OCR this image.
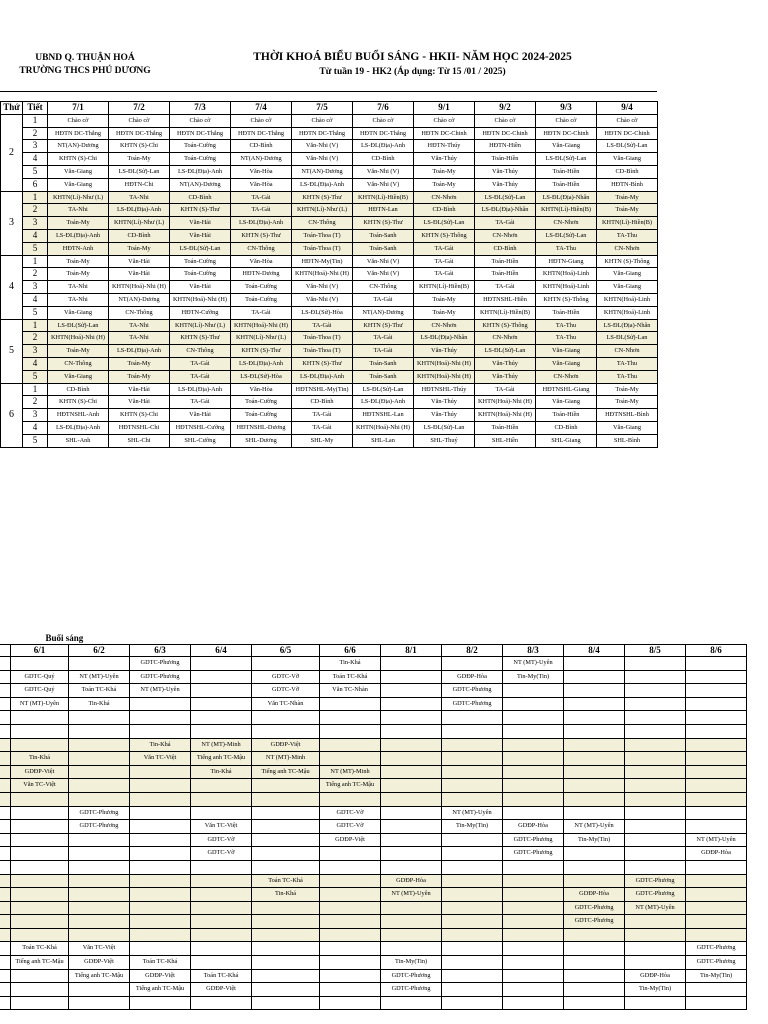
UBND Q. THUẬN HOÁ
TRƯỜNG THCS PHÚ DƯƠNG
THỜI KHOÁ BIỂU BUỔI SÁNG - HKII- NĂM HỌC 2024-2025
Từ tuần 19 - HK2 (Áp dụng: Từ 15 /01 / 2025)
Thứ	Tiết	7/1	7/2	7/3	7/4	7/5	7/6	9/1	9/2	9/3	9/4
2	1	Chào cờ	Chào cờ	Chào cờ	Chào cờ	Chào cờ	Chào cờ	Chào cờ	Chào cờ	Chào cờ	Chào cờ
	2	HĐTN DC-Thắng	HĐTN DC-Thắng	HĐTN DC-Thắng	HĐTN DC-Thắng	HĐTN DC-Thắng	HĐTN DC-Thắng	HĐTN DC-Chinh	HĐTN DC-Chinh	HĐTN DC-Chinh	HĐTN DC-Chinh
	3	NT(AN)-Dương	KHTN (S)-Chi	Toán-Cường	CD-Bình	Văn-Nhi (V)	LS-ĐL(Địa)-Anh	HĐTN-Thúy	HĐTN-Hiền	Văn-Giang	LS-ĐL(Sử)-Lan
	4	KHTN (S)-Chi	Toán-My	Toán-Cường	NT(AN)-Dương	Văn-Nhi (V)	CD-Bình	Văn-Thúy	Toán-Hiền	LS-ĐL(Sử)-Lan	Văn-Giang
	5	Văn-Giang	LS-ĐL(Sử)-Lan	LS-ĐL(Địa)-Anh	Văn-Hòa	NT(AN)-Dương	Văn-Nhi (V)	Toán-My	Văn-Thúy	Toán-Hiền	CD-Bình
	6	Văn-Giang	HĐTN-Chi	NT(AN)-Dương	Văn-Hòa	LS-ĐL(Địa)-Anh	Văn-Nhi (V)	Toán-My	Văn-Thúy	Toán-Hiền	HĐTN-Bình
3	1	KHTN(Lí)-Như (L)	TA-Nhi	CD-Bình	TA-Gái	KHTN (S)-Thư	KHTN(Lí)-Hiền(B)	CN-Nhơn	LS-ĐL(Sử)-Lan	LS-ĐL(Địa)-Nhân	Toán-My
	2	TA-Nhi	LS-ĐL(Địa)-Anh	KHTN (S)-Thư	TA-Gái	KHTN(Lí)-Như (L)	HĐTN-Lan	CD-Bình	LS-ĐL(Địa)-Nhân	KHTN(Lí)-Hiền(B)	Toán-My
	3	Toán-My	KHTN(Lí)-Như (L)	Văn-Hải	LS-ĐL(Địa)-Anh	CN-Thông	KHTN (S)-Thư	LS-ĐL(Sử)-Lan	TA-Gái	CN-Nhơn	KHTN(Lí)-Hiền(B)
	4	LS-ĐL(Địa)-Anh	CD-Bình	Văn-Hải	KHTN (S)-Thư	Toán-Thoa (T)	Toán-Sanh	KHTN (S)-Thông	CN-Nhơn	LS-ĐL(Sử)-Lan	TA-Thu
	5	HĐTN-Anh	Toán-My	LS-ĐL(Sử)-Lan	CN-Thông	Toán-Thoa (T)	Toán-Sanh	TA-Gái	CD-Bình	TA-Thu	CN-Nhơn
4	1	Toán-My	Văn-Hải	Toán-Cường	Văn-Hòa	HĐTN-My(Tin)	Văn-Nhi (V)	TA-Gái	Toán-Hiền	HĐTN-Giang	KHTN (S)-Thông
	2	Toán-My	Văn-Hải	Toán-Cường	HĐTN-Dương	KHTN(Hoá)-Nhi (H)	Văn-Nhi (V)	TA-Gái	Toán-Hiền	KHTN(Hoá)-Linh	Văn-Giang
	3	TA-Nhi	KHTN(Hoá)-Nhi (H)	Văn-Hải	Toán-Cường	Văn-Nhi (V)	CN-Thông	KHTN(Lí)-Hiền(B)	TA-Gái	KHTN(Hoá)-Linh	Văn-Giang
	4	TA-Nhi	NT(AN)-Dương	KHTN(Hoá)-Nhi (H)	Toán-Cường	Văn-Nhi (V)	TA-Gái	Toán-My	HĐTNSHL-Hiền	KHTN (S)-Thông	KHTN(Hoá)-Linh
	5	Văn-Giang	CN-Thông	HĐTN-Cường	TA-Gái	LS-ĐL(Sử)-Hòa	NT(AN)-Dương	Toán-My	KHTN(Lí)-Hiền(B)	Toán-Hiền	KHTN(Hoá)-Linh
5	1	LS-ĐL(Sử)-Lan	TA-Nhi	KHTN(Lí)-Như (L)	KHTN(Hoá)-Nhi (H)	TA-Gái	KHTN (S)-Thư	CN-Nhơn	KHTN (S)-Thông	TA-Thu	LS-ĐL(Địa)-Nhân
	2	KHTN(Hoá)-Nhi (H)	TA-Nhi	KHTN (S)-Thư	KHTN(Lí)-Như (L)	Toán-Thoa (T)	TA-Gái	LS-ĐL(Địa)-Nhân	CN-Nhơn	TA-Thu	LS-ĐL(Sử)-Lan
	3	Toán-My	LS-ĐL(Địa)-Anh	CN-Thông	KHTN (S)-Thư	Toán-Thoa (T)	TA-Gái	Văn-Thúy	LS-ĐL(Sử)-Lan	Văn-Giang	CN-Nhơn
	4	CN-Thông	Toán-My	TA-Gái	LS-ĐL(Địa)-Anh	KHTN (S)-Thư	Toán-Sanh	KHTN(Hoá)-Nhi (H)	Văn-Thúy	Văn-Giang	TA-Thu
	5	Văn-Giang	Toán-My	TA-Gái	LS-ĐL(Sử)-Hòa	LS-ĐL(Địa)-Anh	Toán-Sanh	KHTN(Hoá)-Nhi (H)	Văn-Thúy	CN-Nhơn	TA-Thu
6	1	CD-Bình	Văn-Hải	LS-ĐL(Địa)-Anh	Văn-Hòa	HĐTNSHL-My(Tin)	LS-ĐL(Sử)-Lan	HĐTNSHL-Thúy	TA-Gái	HĐTNSHL-Giang	Toán-My
	2	KHTN (S)-Chi	Văn-Hải	TA-Gái	Toán-Cường	CD-Bình	LS-ĐL(Địa)-Anh	Văn-Thúy	KHTN(Hoá)-Nhi (H)	Văn-Giang	Toán-My
	3	HĐTNSHL-Anh	KHTN (S)-Chi	Văn-Hải	Toán-Cường	TA-Gái	HĐTNSHL-Lan	Văn-Thúy	KHTN(Hoá)-Nhi (H)	Toán-Hiền	HĐTNSHL-Bình
	4	LS-ĐL(Địa)-Anh	HĐTNSHL-Chi	HĐTNSHL-Cường	HĐTNSHL-Dương	TA-Gái	KHTN(Hoá)-Nhi (H)	LS-ĐL(Sử)-Lan	Toán-Hiền	CD-Bình	Văn-Giang
	5	SHL-Anh	SHL-Chi	SHL-Cường	SHL-Dương	SHL-My	SHL-Lan	SHL-Thuý	SHL-Hiền	SHL-Giang	SHL-Bình
Buổi sáng												
	6/1	6/2	6/3	6/4	6/5	6/6	8/1	8/2	8/3	8/4	8/5	8/6
			GDTC-Phương			Tin-Khá			NT (MT)-Uyên			
	GDTC-Quý	NT (MT)-Uyên	GDTC-Phương		GDTC-Vỡ	Toán TC-Khá		GDĐP-Hòa	Tin-My(Tin)			
	GDTC-Quý	Toán TC-Khá	NT (MT)-Uyên		GDTC-Vỡ	Văn TC-Nhàn		GDTC-Phương				
	NT (MT)-Uyên	Tin-Khá			Văn TC-Nhàn			GDTC-Phương				

			Tin-Khá	NT (MT)-Minh	GDĐP-Việt							
	Tin-Khá		Văn TC-Việt	Tiếng anh TC-Mậu	NT (MT)-Minh							
	GDĐP-Việt			Tin-Khá	Tiếng anh TC-Mậu	NT (MT)-Minh						
	Văn TC-Việt					Tiếng anh TC-Mậu						

		GDTC-Phương				GDTC-Vỡ		NT (MT)-Uyên				
		GDTC-Phương		Văn TC-Việt		GDTC-Vỡ		Tin-My(Tin)	GDĐP-Hòa	NT (MT)-Uyên		
				GDTC-Vỡ		GDĐP-Việt			GDTC-Phương	Tin-My(Tin)		NT (MT)-Uyên
				GDTC-Vỡ					GDTC-Phương			GDĐP-Hòa

					Toán TC-Khá		GDĐP-Hòa				GDTC-Phương	
					Tin-Khá		NT (MT)-Uyên			GDĐP-Hòa	GDTC-Phương	
										GDTC-Phương	NT (MT)-Uyên	
										GDTC-Phương		

	Toán TC-Khá	Văn TC-Việt										GDTC-Phương
	Tiếng anh TC-Mậu	GDĐP-Việt	Toán TC-Khá				Tin-My(Tin)					GDTC-Phương
		Tiếng anh TC-Mậu	GDĐP-Việt	Toán TC-Khá			GDTC-Phương				GDĐP-Hòa	Tin-My(Tin)
			Tiếng anh TC-Mậu	GDĐP-Việt			GDTC-Phương				Tin-My(Tin)	
